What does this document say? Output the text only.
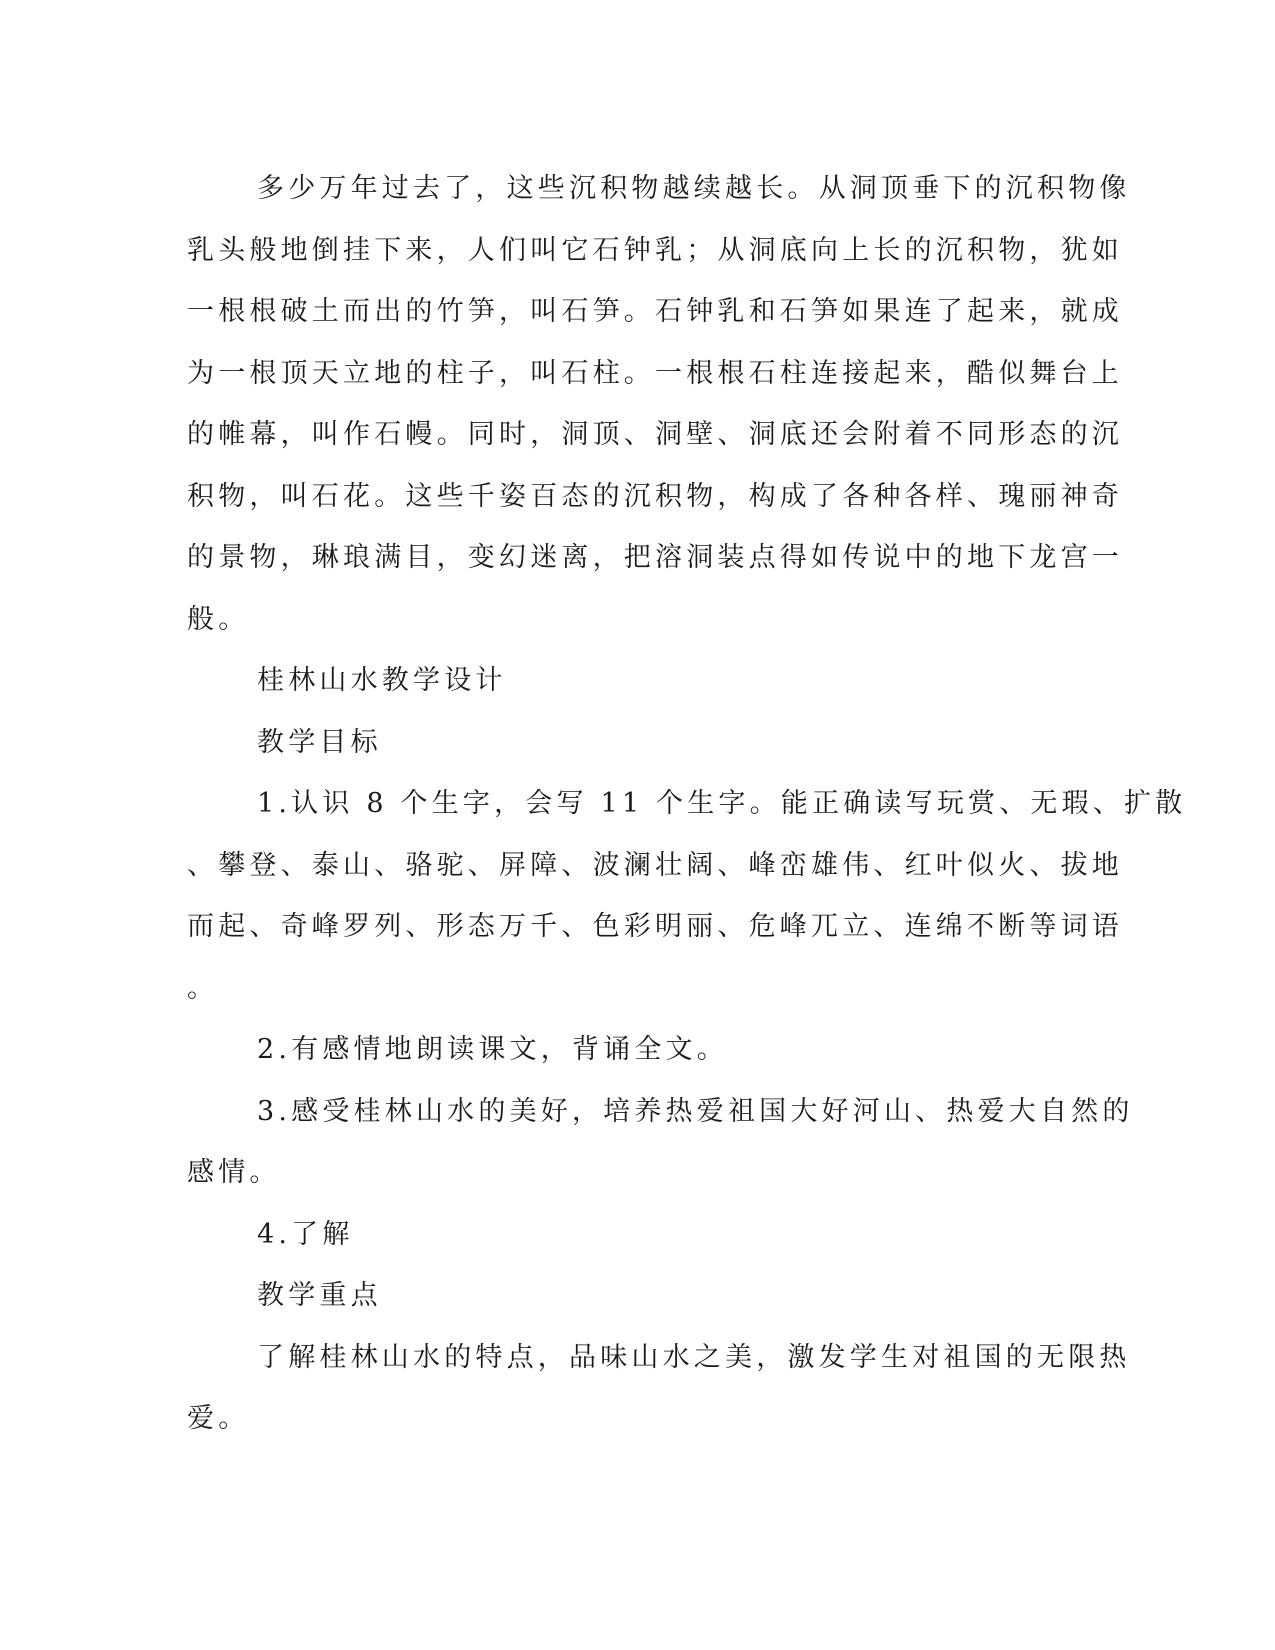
多少万年过去了，这些沉积物越续越长。从洞顶垂下的沉积物像
乳头般地倒挂下来，人们叫它石钟乳；从洞底向上长的沉积物，犹如
一根根破土而出的竹笋，叫石笋。石钟乳和石笋如果连了起来，就成
为一根顶天立地的柱子，叫石柱。一根根石柱连接起来，酷似舞台上
的帷幕，叫作石幔。同时，洞顶、洞壁、洞底还会附着不同形态的沉
积物，叫石花。这些千姿百态的沉积物，构成了各种各样、瑰丽神奇
的景物，琳琅满目，变幻迷离，把溶洞装点得如传说中的地下龙宫一
般。
桂林山水教学设计
教学目标
1.认识 8 个生字，会写 11 个生字。能正确读写玩赏、无瑕、扩散
、攀登、泰山、骆驼、屏障、波澜壮阔、峰峦雄伟、红叶似火、拔地
而起、奇峰罗列、形态万千、色彩明丽、危峰兀立、连绵不断等词语
。
2.有感情地朗读课文，背诵全文。
3.感受桂林山水的美好，培养热爱祖国大好河山、热爱大自然的
感情。
4.了解
教学重点
了解桂林山水的特点，品味山水之美，激发学生对祖国的无限热
爱。
